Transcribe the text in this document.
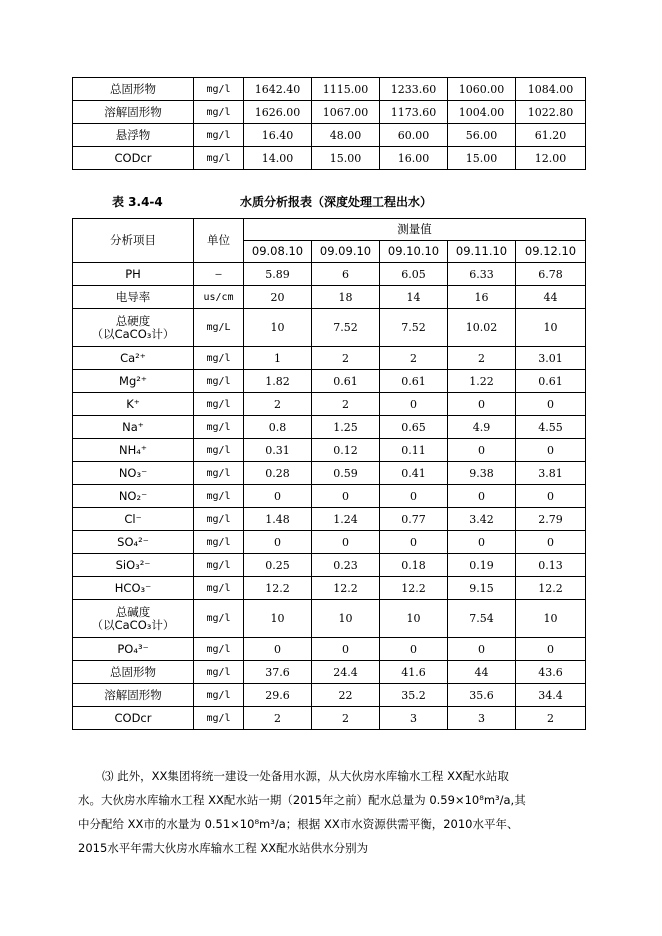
总固形物	mg/l	1642.40	1115.00	1233.60	1060.00	1084.00
溶解固形物	mg/l	1626.00	1067.00	1173.60	1004.00	1022.80
悬浮物	mg/l	16.40	48.00	60.00	56.00	61.20
CODcr	mg/l	14.00	15.00	16.00	15.00	12.00
表 3.4-4	水质分析报表（深度处理工程出水）
分析项目	单位	测量值				
		09.08.10	09.09.10	09.10.10	09.11.10	09.12.10
PH	—	5.89	6	6.05	6.33	6.78
电导率	us/cm	20	18	14	16	44
总硬度
（以CaCO₃计）	mg/L	10	7.52	7.52	10.02	10
Ca²⁺	mg/l	1	2	2	2	3.01
Mg²⁺	mg/l	1.82	0.61	0.61	1.22	0.61
K⁺	mg/l	2	2	0	0	0
Na⁺	mg/l	0.8	1.25	0.65	4.9	4.55
NH₄⁺	mg/l	0.31	0.12	0.11	0	0
NO₃⁻	mg/l	0.28	0.59	0.41	9.38	3.81
NO₂⁻	mg/l	0	0	0	0	0
Cl⁻	mg/l	1.48	1.24	0.77	3.42	2.79
SO₄²⁻	mg/l	0	0	0	0	0
SiO₃²⁻	mg/l	0.25	0.23	0.18	0.19	0.13
HCO₃⁻	mg/l	12.2	12.2	12.2	9.15	12.2
总碱度
（以CaCO₃计）	mg/l	10	10	10	7.54	10
PO₄³⁻	mg/l	0	0	0	0	0
总固形物	mg/l	37.6	24.4	41.6	44	43.6
溶解固形物	mg/l	29.6	22	35.2	35.6	34.4
CODcr	mg/l	2	2	3	3	2

⑶ 此外，XX集团将统一建设一处备用水源，从大伙房水库输水工程 XX配水站取

水。大伙房水库输水工程 XX配水站一期（2015年之前）配水总量为 0.59×10⁸m³/a,其

中分配给 XX市的水量为 0.51×10⁸m³/a；根据 XX市水资源供需平衡，2010水平年、

2015水平年需大伙房水库输水工程 XX配水站供水分别为
